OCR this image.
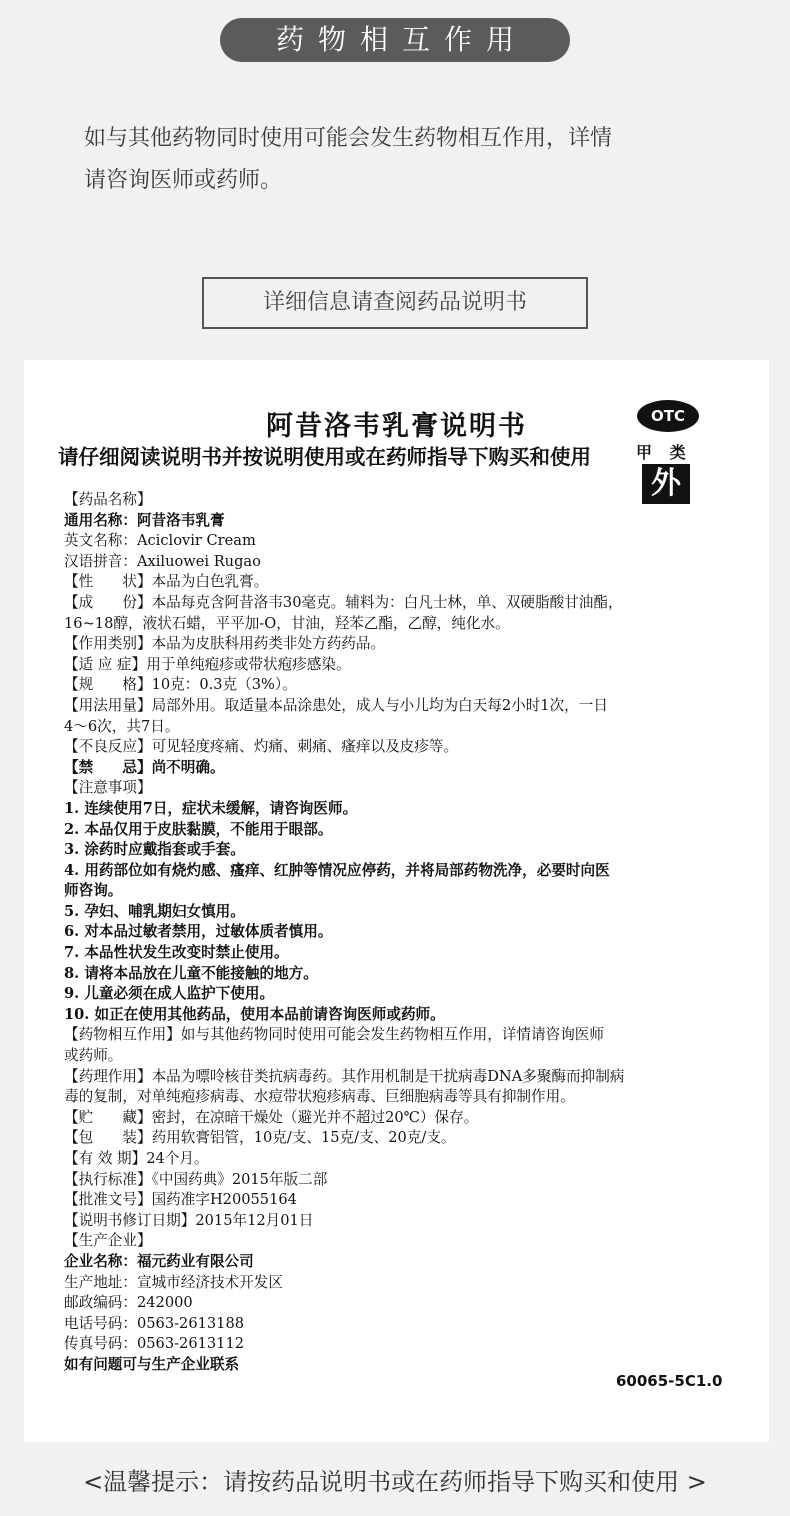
药物相互作用
如与其他药物同时使用可能会发生药物相互作用，详情
请咨询医师或药师。
详细信息请查阅药品说明书
阿昔洛韦乳膏说明书
请仔细阅读说明书并按说明使用或在药师指导下购买和使用
OTC
甲 类
外
【药品名称】
通用名称：阿昔洛韦乳膏
英文名称：Aciclovir Cream
汉语拼音：Axiluowei Rugao
【性　　状】本品为白色乳膏。
【成　　份】本品每克含阿昔洛韦30毫克。辅料为：白凡士林，单、双硬脂酸甘油酯，
16~18醇，液状石蜡，平平加-O，甘油，羟苯乙酯，乙醇，纯化水。
【作用类别】本品为皮肤科用药类非处方药药品。
【适 应 症】用于单纯疱疹或带状疱疹感染。
【规　　格】10克：0.3克（3%）。
【用法用量】局部外用。取适量本品涂患处，成人与小儿均为白天每2小时1次，一日
4～6次，共7日。
【不良反应】可见轻度疼痛、灼痛、刺痛、瘙痒以及皮疹等。
【禁　　忌】尚不明确。
【注意事项】
1. 连续使用7日，症状未缓解，请咨询医师。
2. 本品仅用于皮肤黏膜，不能用于眼部。
3. 涂药时应戴指套或手套。
4. 用药部位如有烧灼感、瘙痒、红肿等情况应停药，并将局部药物洗净，必要时向医
师咨询。
5. 孕妇、哺乳期妇女慎用。
6. 对本品过敏者禁用，过敏体质者慎用。
7. 本品性状发生改变时禁止使用。
8. 请将本品放在儿童不能接触的地方。
9. 儿童必须在成人监护下使用。
10. 如正在使用其他药品，使用本品前请咨询医师或药师。
【药物相互作用】如与其他药物同时使用可能会发生药物相互作用，详情请咨询医师
或药师。
【药理作用】本品为嘌呤核苷类抗病毒药。其作用机制是干扰病毒DNA多聚酶而抑制病
毒的复制，对单纯疱疹病毒、水痘带状疱疹病毒、巨细胞病毒等具有抑制作用。
【贮　　藏】密封，在凉暗干燥处（避光并不超过20℃）保存。
【包　　装】药用软膏铝管，10克/支、15克/支、20克/支。
【有 效 期】24个月。
【执行标准】《中国药典》2015年版二部
【批准文号】国药准字H20055164
【说明书修订日期】2015年12月01日
【生产企业】
企业名称：福元药业有限公司
生产地址：宣城市经济技术开发区
邮政编码：242000
电话号码：0563-2613188
传真号码：0563-2613112
如有问题可与生产企业联系
60065-5C1.0
<温馨提示：请按药品说明书或在药师指导下购买和使用 >
